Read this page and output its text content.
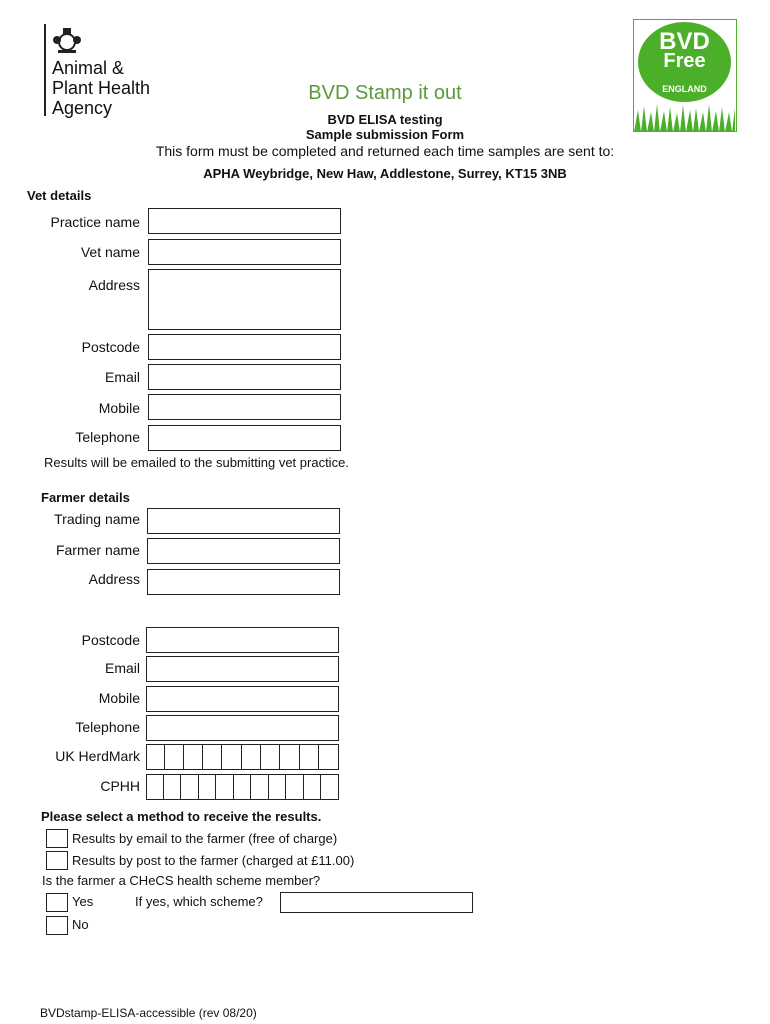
Animal &
Plant Health
Agency
BVD Stamp it out
BVD ELISA testing
Sample submission Form
This form must be completed and returned each time samples are sent to:
APHA Weybridge, New Haw, Addlestone, Surrey, KT15 3NB
BVD
Free
ENGLAND
Vet details
Practice name
Vet name
Address
Postcode
Email
Mobile
Telephone
Results will be emailed to the submitting vet practice.
Farmer details
Trading name
Farmer name
Address
Postcode
Email
Mobile
Telephone
UK HerdMark
CPHH
Please select a method to receive the results.
Results by email to the farmer (free of charge)
Results by post to the farmer (charged at £11.00)
Is the farmer a CHeCS health scheme member?
Yes	If yes, which scheme?
No
BVDstamp-ELISA-accessible (rev 08/20)
